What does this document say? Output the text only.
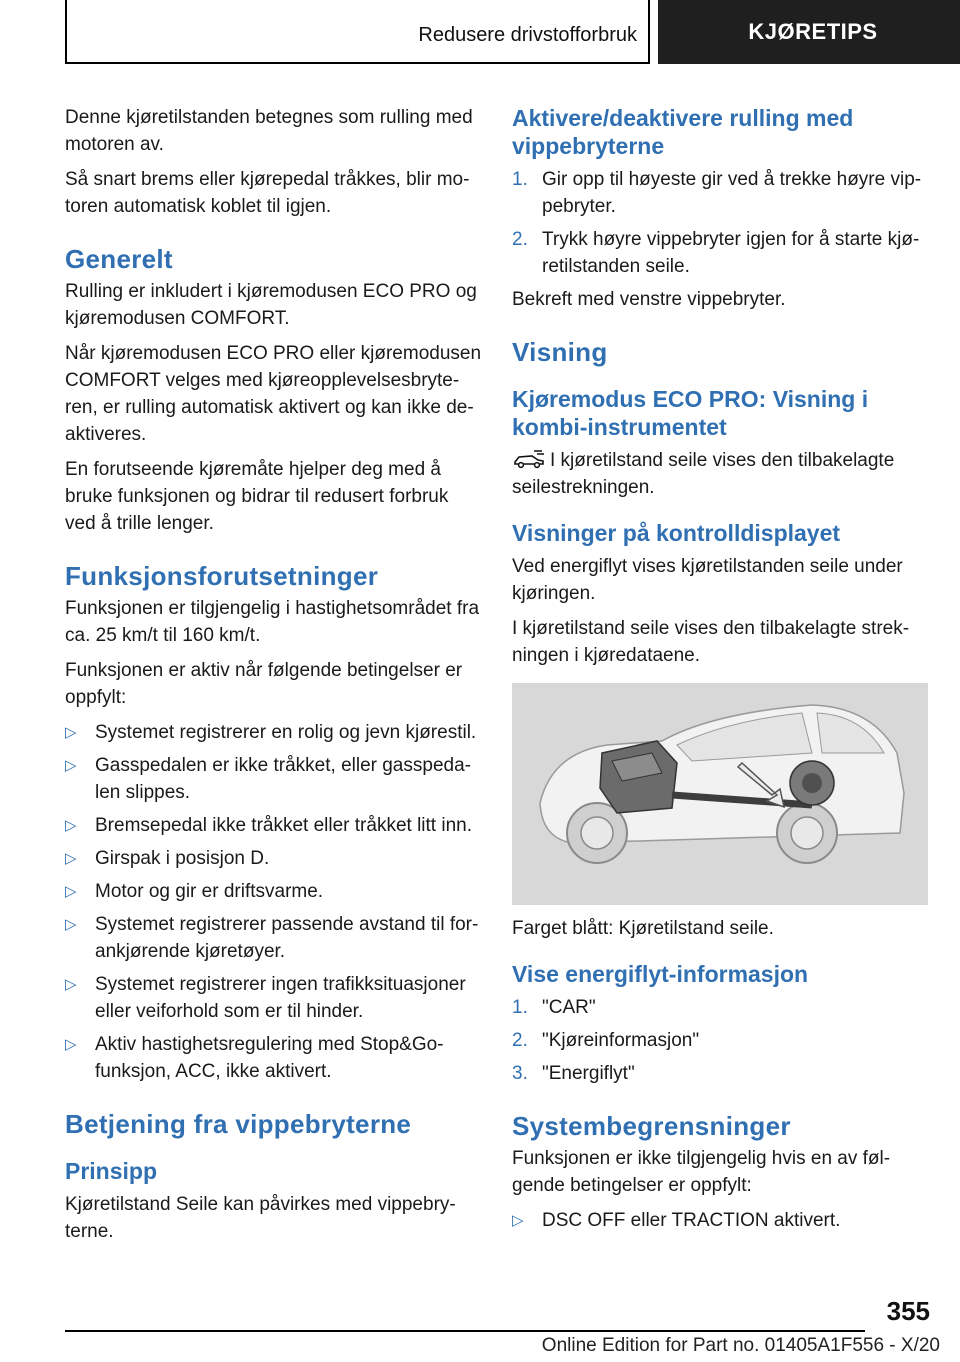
Redusere drivstofforbruk	KJØRETIPS

Denne kjøretilstanden betegnes som rulling med motoren av.

Så snart brems eller kjørepedal tråkkes, blir mo-toren automatisk koblet til igjen.

Generelt

Rulling er inkludert i kjøremodusen ECO PRO og kjøremodusen COMFORT.

Når kjøremodusen ECO PRO eller kjøremodusen COMFORT velges med kjøreopplevelsesbryte-ren, er rulling automatisk aktivert og kan ikke de-aktiveres.

En forutseende kjøremåte hjelper deg med å bruke funksjonen og bidrar til redusert forbruk ved å trille lenger.

Funksjonsforutsetninger

Funksjonen er tilgjengelig i hastighetsområdet fra ca. 25 km/t til 160 km/t.

Funksjonen er aktiv når følgende betingelser er oppfylt:

▷ Systemet registrerer en rolig og jevn kjørestil.
▷ Gasspedalen er ikke tråkket, eller gasspeda-len slippes.
▷ Bremsepedal ikke tråkket eller tråkket litt inn.
▷ Girspak i posisjon D.
▷ Motor og gir er driftsvarme.
▷ Systemet registrerer passende avstand til for-ankjørende kjøretøyer.
▷ Systemet registrerer ingen trafikksituasjoner eller veiforhold som er til hinder.
▷ Aktiv hastighetsregulering med Stop&Go-funksjon, ACC, ikke aktivert.
Betjening fra vippebryterne
Prinsipp

Kjøretilstand Seile kan påvirkes med vippebry-terne.

Aktivere/deaktivere rulling med vippebryterne
1. Gir opp til høyeste gir ved å trekke høyre vip-pebryter.
2. Trykk høyre vippebryter igjen for å starte kjø-retilstanden seile.

Bekreft med venstre vippebryter.

Visning
Kjøremodus ECO PRO: Visning i kombi-instrumentet

I kjøretilstand seile vises den tilbakelagte seilestrekningen.

Visninger på kontrolldisplayet

Ved energiflyt vises kjøretilstanden seile under kjøringen.

I kjøretilstand seile vises den tilbakelagte strek-ningen i kjøredataene.

Farget blått: Kjøretilstand seile.

Vise energiflyt-informasjon
1. "CAR"
2. "Kjøreinformasjon"
3. "Energiflyt"
Systembegrensninger

Funksjonen er ikke tilgjengelig hvis en av føl-gende betingelser er oppfylt:

▷ DSC OFF eller TRACTION aktivert.
355
Online Edition for Part no. 01405A1F556 - X/20
